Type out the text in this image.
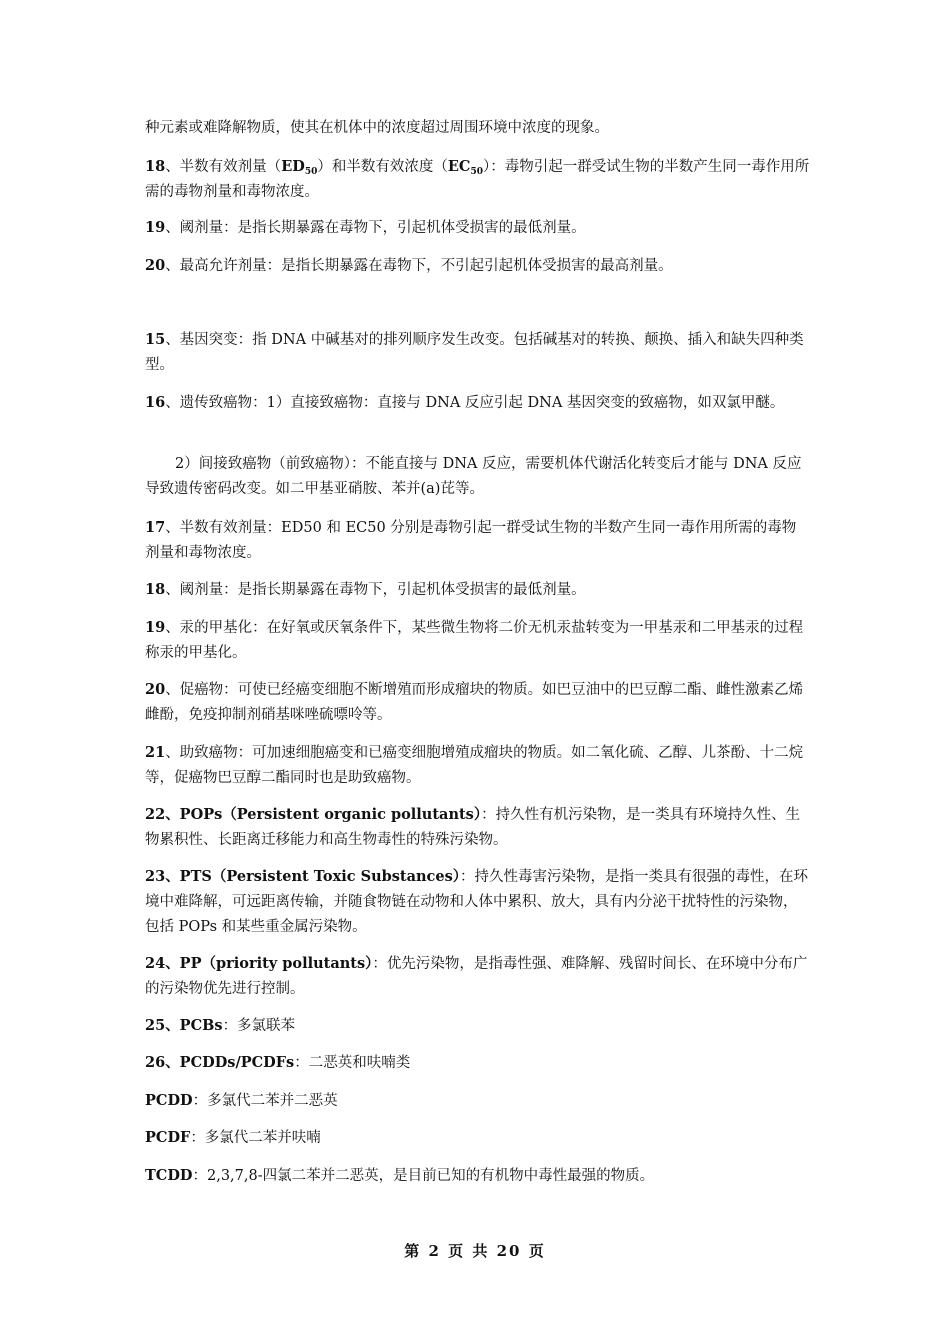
种元素或难降解物质，使其在机体中的浓度超过周围环境中浓度的现象。

18、半数有效剂量$(ED_{50})$和半数有效浓度$(EC_{50})$：毒物引起一群受试生物的半数产生同一毒作用所需的毒物剂量和毒物浓度。

19、阈剂量：是指长期暴露在毒物下，引起机体受损害的最低剂量。

20、最高允许剂量：是指长期暴露在毒物下，不引起引起机体受损害的最高剂量。

15、基因突变：指 DNA 中碱基对的排列顺序发生改变。包括碱基对的转换、颠换、插入和缺失四种类型。

16、遗传致癌物：1）直接致癌物：直接与 DNA 反应引起 DNA 基因突变的致癌物，如双氯甲醚。

2）间接致癌物（前致癌物）：不能直接与 DNA 反应，需要机体代谢活化转变后才能与 DNA 反应导致遗传密码改变。如二甲基亚硝胺、苯并(a)芘等。

17、半数有效剂量：ED50 和 EC50 分别是毒物引起一群受试生物的半数产生同一毒作用所需的毒物剂量和毒物浓度。

18、阈剂量：是指长期暴露在毒物下，引起机体受损害的最低剂量。

19、汞的甲基化：在好氧或厌氧条件下，某些微生物将二价无机汞盐转变为一甲基汞和二甲基汞的过程称汞的甲基化。

20、促癌物：可使已经癌变细胞不断增殖而形成瘤块的物质。如巴豆油中的巴豆醇二酯、雌性激素乙烯雌酚，免疫抑制剂硝基咪唑硫嘌呤等。

21、助致癌物：可加速细胞癌变和已癌变细胞增殖成瘤块的物质。如二氧化硫、乙醇、儿茶酚、十二烷等，促癌物巴豆醇二酯同时也是助致癌物。

22、POPs（Persistent organic pollutants）：持久性有机污染物，是一类具有环境持久性、生物累积性、长距离迁移能力和高生物毒性的特殊污染物。

23、PTS（Persistent Toxic Substances）：持久性毒害污染物，是指一类具有很强的毒性，在环境中难降解，可远距离传输，并随食物链在动物和人体中累积、放大，具有内分泌干扰特性的污染物，包括 POPs 和某些重金属污染物。

24、PP（priority pollutants）：优先污染物，是指毒性强、难降解、残留时间长、在环境中分布广的污染物优先进行控制。

25、PCBs：多氯联苯

26、PCDDs/PCDFs：二恶英和呋喃类

PCDD：多氯代二苯并二恶英

PCDF：多氯代二苯并呋喃

TCDD：2,3,7,8-四氯二苯并二恶英，是目前已知的有机物中毒性最强的物质。

第 2 页 共 20 页
